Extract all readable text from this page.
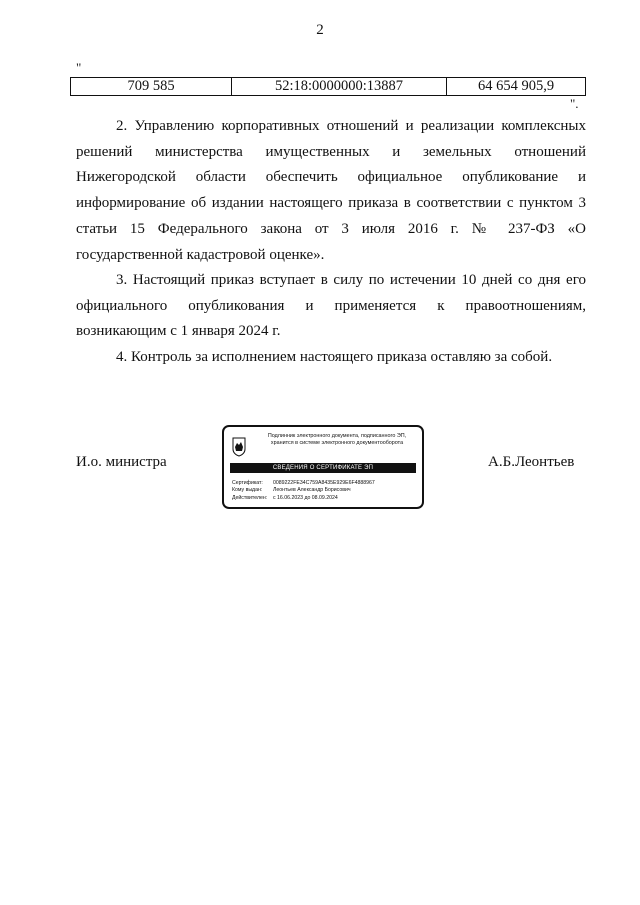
2
"
709 585	52:18:0000000:13887	64 654 905,9
".

2. Управлению корпоративных отношений и реализации комплексных решений министерства имущественных и земельных отношений Нижегородской области обеспечить официальное опубликование и информирование об издании настоящего приказа в соответствии с пунктом 3 статьи 15 Федерального закона от 3 июля 2016 г. № 237-ФЗ «О государственной кадастровой оценке».

3. Настоящий приказ вступает в силу по истечении 10 дней со дня его официального опубликования и применяется к правоотношениям, возникающим с 1 января 2024 г.

4. Контроль за исполнением настоящего приказа оставляю за собой.

И.о. министра
Подлинник электронного документа, подписанного ЭП,
хранится в системе электронного документооборота
СВЕДЕНИЯ О СЕРТИФИКАТЕ ЭП
Сертификат: 0089222FE34C759A8435E929E6F4888967
Кому выдан: Леонтьев Александр Борисович
Действителен: с 16.06.2023 до 08.09.2024
А.Б.Леонтьев
